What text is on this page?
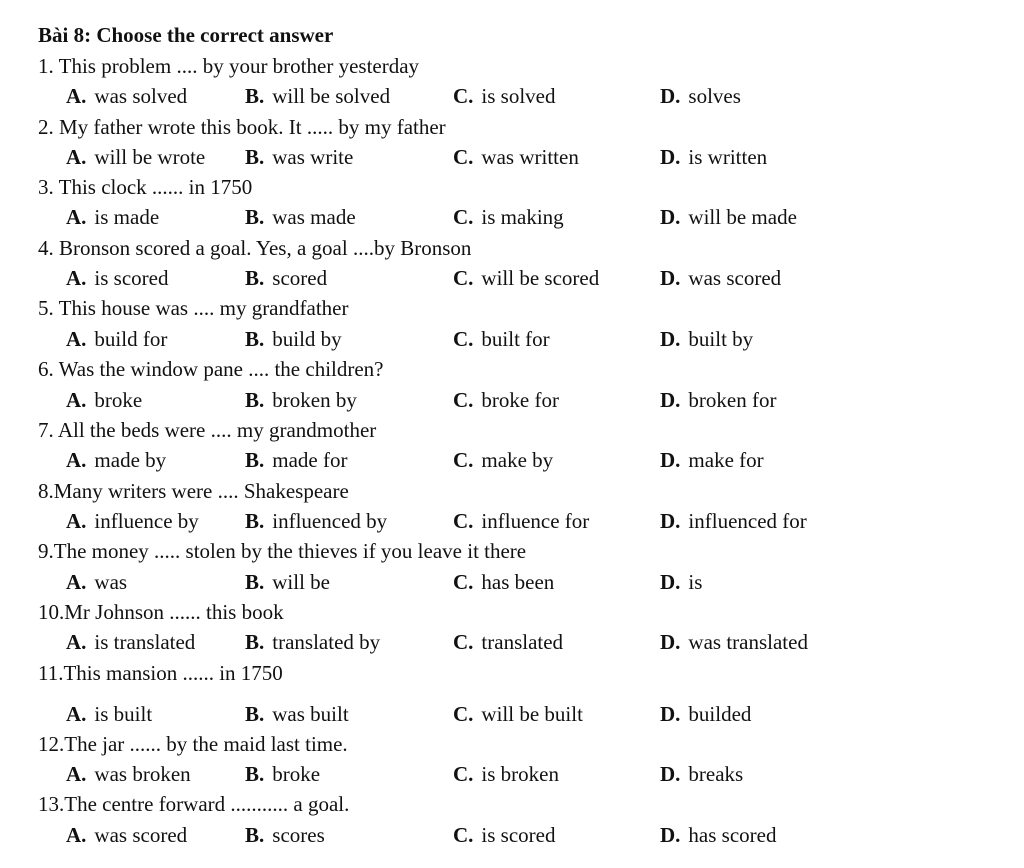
Bài 8: Choose the correct answer
1. This problem .... by your brother yesterday
A. was solved	B. will be solved	C. is solved	D. solves
2. My father wrote this book. It ..... by my father
A. will be wrote B. was write	C. was written	D. is written
3. This clock ...... in 1750
A. is made	B. was made	C. is making	D. will be made
4. Bronson scored a goal. Yes, a goal ....by Bronson
A. is scored	B. scored	C. will be scored	D. was scored
5. This house was .... my grandfather
A. build for	B. build by	C. built for	D. built by
6. Was the window pane .... the children?
A. broke	B. broken by	C. broke for	D. broken for
7. All the beds were .... my grandmother
A. made by	B. made for	C. make by	D. make for
8.Many writers were .... Shakespeare
A. influence by B. influenced by	C. influence for	D. influenced for
9.The money ..... stolen by the thieves if you leave it there
A. was	B. will be	C. has been	D. is
10.Mr Johnson ...... this book
A. is translated B. translated by	C. translated	D. was translated
11.This mansion ...... in 1750
A. is built	B. was built	C. will be built	D. builded
12.The jar ...... by the maid last time.
A. was broken	B. broke	C. is broken	D. breaks
13.The centre forward ........... a goal.
A. was scored	B. scores	C. is scored	D. has scored
